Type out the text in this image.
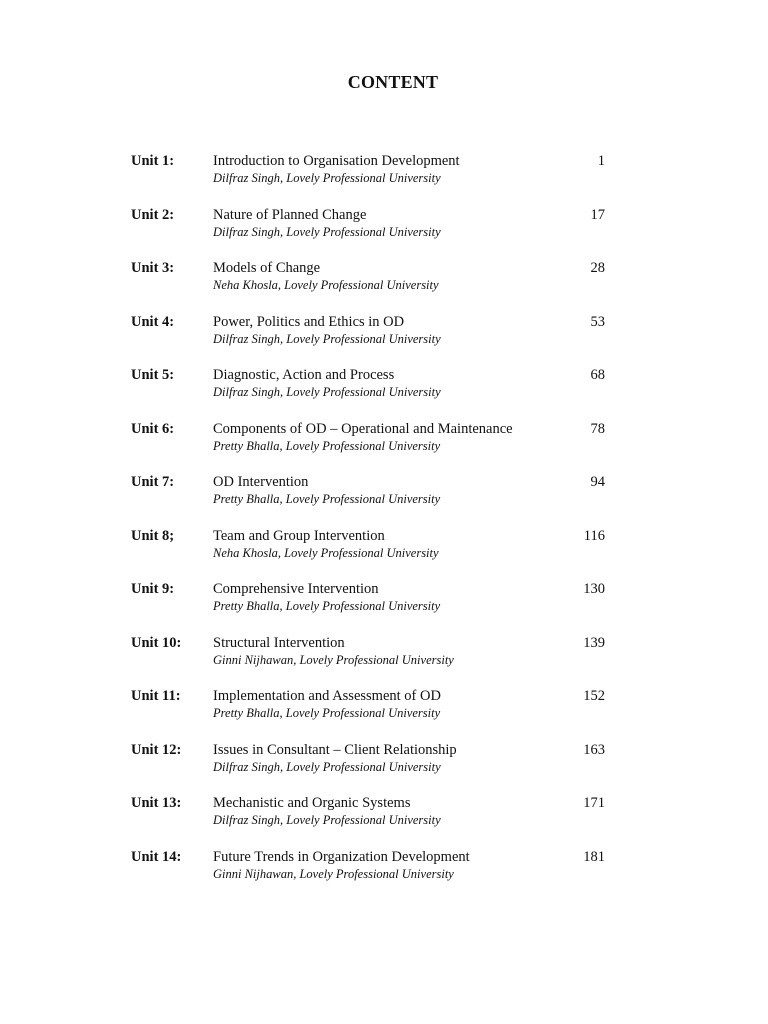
CONTENT
Unit 1:	Introduction to Organisation Development
Dilfraz Singh, Lovely Professional University
1
Unit 2:	Nature of Planned Change
Dilfraz Singh, Lovely Professional University
17
Unit 3:	Models of Change
Neha Khosla, Lovely Professional University
28
Unit 4:	Power, Politics and Ethics in OD
Dilfraz Singh, Lovely Professional University
53
Unit 5:	Diagnostic, Action and Process
Dilfraz Singh, Lovely Professional University
68
Unit 6:	Components of OD – Operational and Maintenance
Pretty Bhalla, Lovely Professional University
78
Unit 7:	OD Intervention
Pretty Bhalla, Lovely Professional University
94
Unit 8;	Team and Group Intervention
Neha Khosla, Lovely Professional University
116
Unit 9:	Comprehensive Intervention
Pretty Bhalla, Lovely Professional University
130
Unit 10: Structural Intervention
Ginni Nijhawan, Lovely Professional University
139
Unit 11: Implementation and Assessment of OD
Pretty Bhalla, Lovely Professional University
152
Unit 12: Issues in Consultant – Client Relationship
Dilfraz Singh, Lovely Professional University
163
Unit 13: Mechanistic and Organic Systems
Dilfraz Singh, Lovely Professional University
171
Unit 14: Future Trends in Organization Development
Ginni Nijhawan, Lovely Professional University
181
